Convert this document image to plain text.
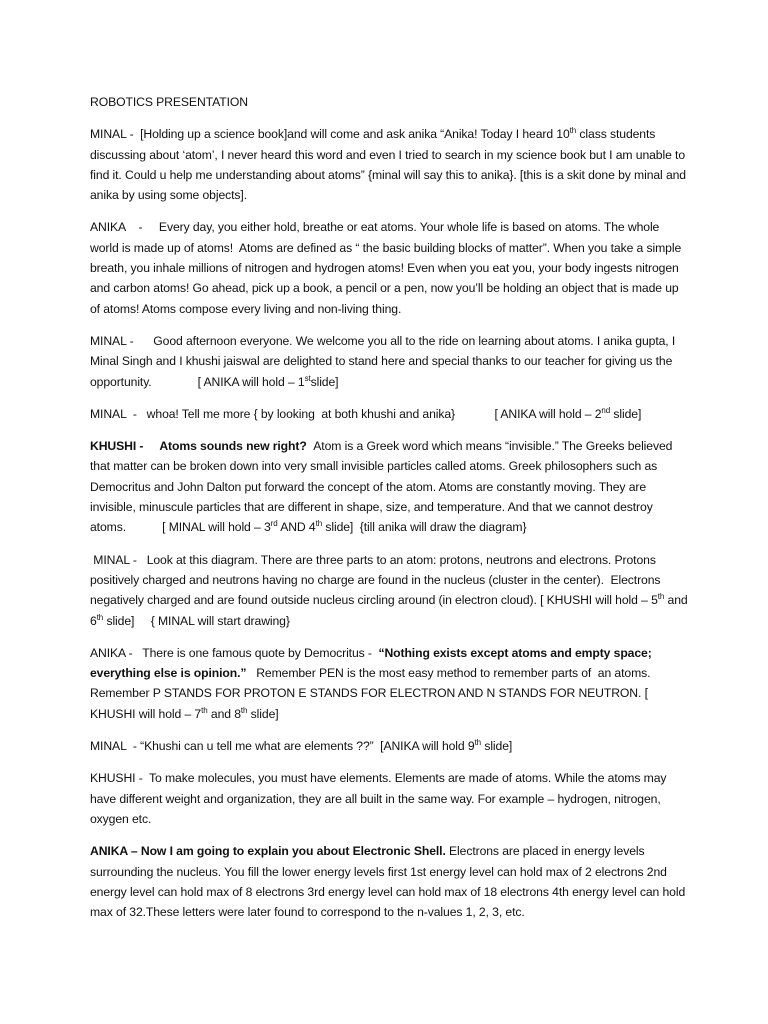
ROBOTICS PRESENTATION
MINAL -  [Holding up a science book]and will come and ask anika “Anika! Today I heard 10th class students discussing about ‘atom’, I never heard this word and even I tried to search in my science book but I am unable to find it. Could u help me understanding about atoms” {minal will say this to anika}. [this is a skit done by minal and anika by using some objects].
ANIKA    -     Every day, you either hold, breathe or eat atoms. Your whole life is based on atoms. The whole world is made up of atoms!  Atoms are defined as “ the basic building blocks of matter”. When you take a simple breath, you inhale millions of nitrogen and hydrogen atoms! Even when you eat you, your body ingests nitrogen and carbon atoms! Go ahead, pick up a book, a pencil or a pen, now you’ll be holding an object that is made up of atoms! Atoms compose every living and non-living thing.
MINAL -      Good afternoon everyone. We welcome you all to the ride on learning about atoms. I anika gupta, I Minal Singh and I khushi jaiswal are delighted to stand here and special thanks to our teacher for giving us the opportunity.              [ ANIKA will hold – 1stslide]
MINAL  -   whoa! Tell me more { by looking  at both khushi and anika}            [ ANIKA will hold – 2nd slide]
KHUSHI -     Atoms sounds new right?  Atom is a Greek word which means “invisible.” The Greeks believed that matter can be broken down into very small invisible particles called atoms. Greek philosophers such as Democritus and John Dalton put forward the concept of the atom. Atoms are constantly moving. They are invisible, minuscule particles that are different in shape, size, and temperature. And that we cannot destroy atoms.           [ MINAL will hold – 3rd AND 4th slide]  {till anika will draw the diagram}
MINAL -   Look at this diagram. There are three parts to an atom: protons, neutrons and electrons. Protons positively charged and neutrons having no charge are found in the nucleus (cluster in the center).  Electrons negatively charged and are found outside nucleus circling around (in electron cloud). [ KHUSHI will hold – 5th and 6th slide]     { MINAL will start drawing}
ANIKA -   There is one famous quote by Democritus -  “Nothing exists except atoms and empty space; everything else is opinion.”   Remember PEN is the most easy method to remember parts of  an atoms. Remember P STANDS FOR PROTON E STANDS FOR ELECTRON AND N STANDS FOR NEUTRON. [ KHUSHI will hold – 7th and 8th slide]
MINAL  - “Khushi can u tell me what are elements ??”  [ANIKA will hold 9th slide]
KHUSHI -  To make molecules, you must have elements. Elements are made of atoms. While the atoms may have different weight and organization, they are all built in the same way. For example – hydrogen, nitrogen, oxygen etc.
ANIKA – Now I am going to explain you about Electronic Shell. Electrons are placed in energy levels surrounding the nucleus. You fill the lower energy levels first 1st energy level can hold max of 2 electrons 2nd energy level can hold max of 8 electrons 3rd energy level can hold max of 18 electrons 4th energy level can hold max of 32.These letters were later found to correspond to the n-values 1, 2, 3, etc.
